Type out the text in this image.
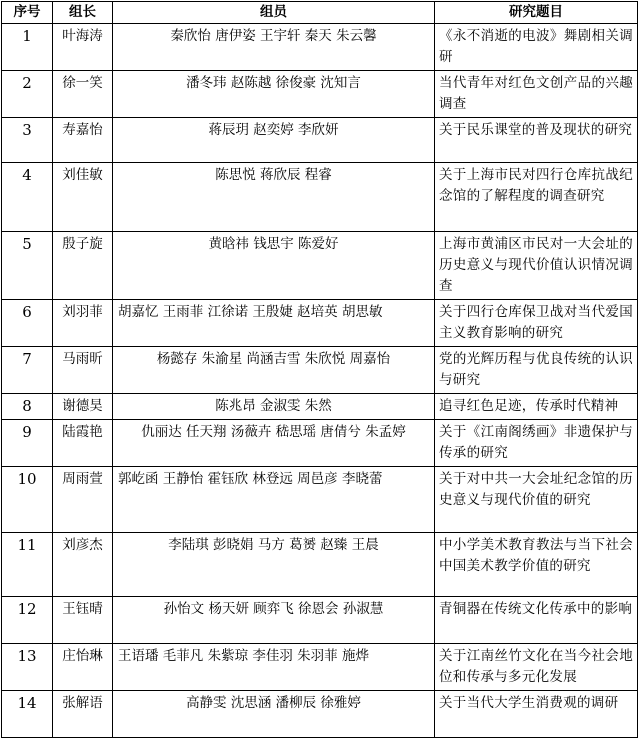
序号	组长	组员	研究题目
1	叶海涛	秦欣怡 唐伊姿 王宇轩 秦天 朱云馨	《永不消逝的电波》舞剧相关调研
2	徐一笑	潘冬玮 赵陈越 徐俊豪 沈知言	当代青年对红色文创产品的兴趣调查
3	寿嘉怡	蒋辰玥 赵奕婷 李欣妍	关于民乐课堂的普及现状的研究
4	刘佳敏	陈思悦 蒋欣辰 程睿	关于上海市民对四行仓库抗战纪念馆的了解程度的调查研究
5	殷子旋	黄晗祎 钱思宇 陈爱好	上海市黄浦区市民对一大会址的历史意义与现代价值认识情况调查
6	刘羽菲	胡嘉忆 王雨菲 江徐诺 王殷婕 赵培英 胡思敏	关于四行仓库保卫战对当代爱国主义教育影响的研究
7	马雨昕	杨懿存 朱渝星 尚涵吉雪 朱欣悦 周嘉怡	党的光辉历程与优良传统的认识与研究
8	谢德昊	陈兆昂 金淑雯 朱然	追寻红色足迹，传承时代精神
9	陆霞艳	仇丽达 任天翔 汤薇卉 嵇思瑶 唐倩兮 朱孟婷	关于《江南阁绣画》非遗保护与传承的研究
10	周雨萱	郭屹函 王静怡 霍钰欣 林登远 周邑彦 李晓蕾	关于对中共一大会址纪念馆的历史意义与现代价值的研究
11	刘彦杰	李陆琪 彭晓娟 马方 葛赟 赵臻 王晨	中小学美术教育教法与当下社会中国美术教学价值的研究
12	王钰晴	孙怡文 杨天妍 顾弈飞 徐恩会 孙淑慧	青铜器在传统文化传承中的影响
13	庄怡琳	王语璠 毛菲凡 朱紫琼 李佳羽 朱羽菲 施烨	关于江南丝竹文化在当今社会地位和传承与多元化发展
14	张解语	高静雯 沈思涵 潘柳辰 徐雅婷	关于当代大学生消费观的调研
